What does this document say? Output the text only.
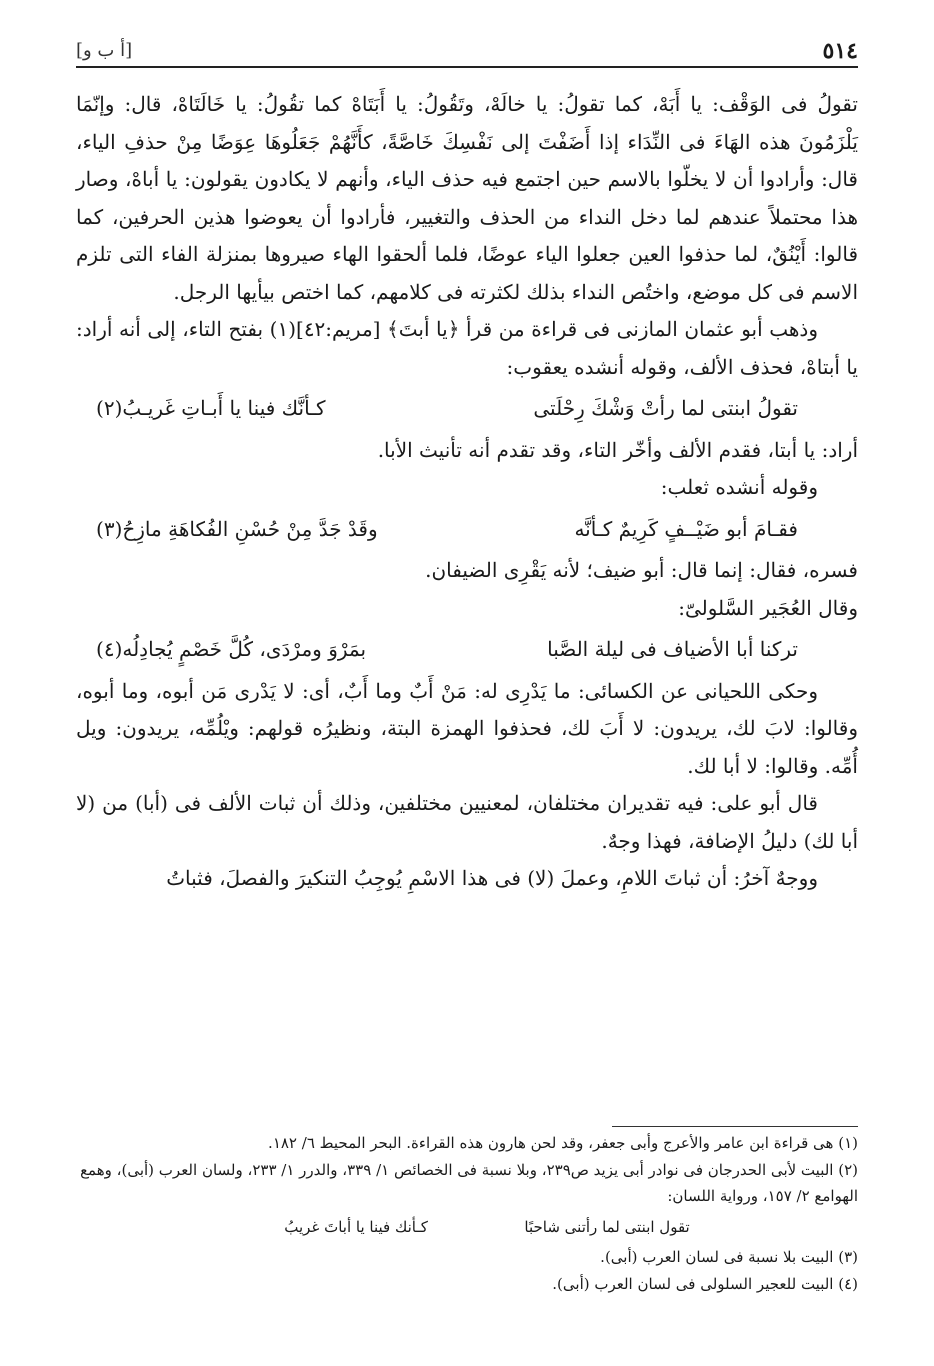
٥١٤
[أ ب و]

تقولُ فى الوَقْف: يا أَبَهْ، كما تقولُ: يا خالَهْ، وتَقُولُ: يا أَبَتَاهْ كما تقُولُ: يا خَالَتَاهْ، قال: وإنّمَا يَلْزَمُونَ هذه الهَاءَ فى النِّدَاء إذا أَضَفْتَ إلى نَفْسِكَ خَاصَّةً، كأَنَّهُمْ جَعَلُوهَا عِوَضًا مِنْ حذفِ الياء، قال: وأرادوا أن لا يخلّوا بالاسم حين اجتمع فيه حذف الياء، وأنهم لا يكادون يقولون: يا أباهْ، وصار هذا محتملاً عندهم لما دخل النداء من الحذف والتغيير، فأرادوا أن يعوضوا هذين الحرفين، كما قالوا: أَيْنُقٌ، لما حذفوا العين جعلوا الياء عوضًا، فلما ألحقوا الهاء صيروها بمنزلة الفاء التى تلزم الاسم فى كل موضع، واختُص النداء بذلك لكثرته فى كلامهم، كما اختص بيأيها الرجل.

وذهب أبو عثمان المازنى فى قراءة من قرأ ﴿يا أبتَ﴾ [مريم:٤٢](١) بفتح التاء، إلى أنه أراد: يا أبتاهْ، فحذف الألف، وقوله أنشده يعقوب:

تقولُ ابنتى لما رأتْ وَشْكَ رِحْلَتى
كـأنَّك فينا يا أَبـاتِ غَريـبُ(٢)

أراد: يا أبتا، فقدم الألف وأخّر التاء، وقد تقدم أنه تأنيث الأبا.

وقوله أنشده ثعلب:

فقـامَ أبو ضَيْــفٍ كَرِيمٌ كـأنَّه
وقَدْ جَدَّ مِنْ حُسْنِ الفُكاهَةِ مازِحُ(٣)

فسره، فقال: إنما قال: أبو ضيف؛ لأنه يَقْرِى الضيفان.

وقال العُجَير السَّلولىّ:

تركنا أبا الأضياف فى ليلة الصَّبا
بمَرْوَ ومرْدَى، كُلَّ خَصْمٍ يُجادِلُه(٤)

وحكى اللحيانى عن الكسائى: ما يَدْرِى له: مَنْ أَبٌ وما أَبٌ، أى: لا يَدْرى مَن أبوه، وما أبوه، وقالوا: لابَ لك، يريدون: لا أَبَ لك، فحذفوا الهمزة البتة، ونظيرُه قولهم: ويْلُمِّه، يريدون: ويل أُمِّه. وقالوا: لا أبا لك.

قال أبو على: فيه تقديران مختلفان، لمعنيين مختلفين، وذلك أن ثبات الألف فى (أبا) من (لا أبا لك) دليلُ الإضافة، فهذا وجهٌ.

ووجهٌ آخرُ: أن ثباتَ اللامِ، وعملَ (لا) فى هذا الاسْمِ يُوجِبُ التنكيرَ والفصلَ، فثباتُ

(١) هى قراءة ابن عامر والأعرج وأبى جعفر، وقد لحن هارون هذه القراءة. البحر المحيط ٦/ ١٨٢.

(٢) البيت لأبى الحدرجان فى نوادر أبى يزيد ص٢٣٩، وبلا نسبة فى الخصائص ١/ ٣٣٩، والدرر ١/ ٢٣٣، ولسان العرب (أبى)، وهمع الهوامع ٢/ ١٥٧، ورواية اللسان:

تقول ابنتى لما رأتنى شاحبًا
كـأنك فينا يا أباتَ غريبُ

(٣) البيت بلا نسبة فى لسان العرب (أبى).

(٤) البيت للعجير السلولى فى لسان العرب (أبى).
